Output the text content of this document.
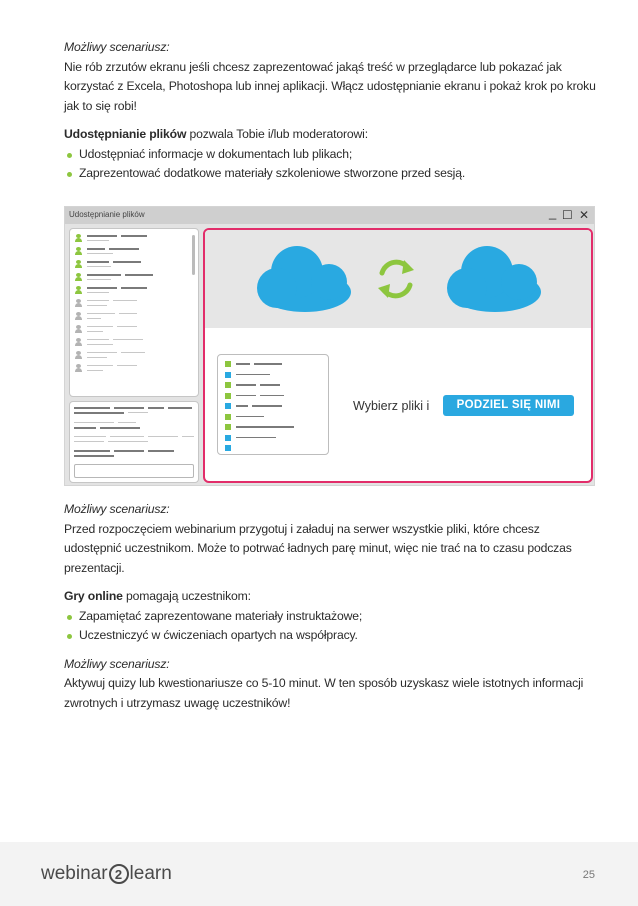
Możliwy scenariusz:
Nie rób zrzutów ekranu jeśli chcesz zaprezentować jakąś treść w przeglądarce lub pokazać jak korzystać z Excela, Photoshopa lub innej aplikacji. Włącz udostępnianie ekranu i pokaż krok po kroku jak to się robi!
Udostępnianie plików pozwala Tobie i/lub moderatorowi:
Udostępniać informacje w dokumentach lub plikach;
Zaprezentować dodatkowe materiały szkoleniowe stworzone przed sesją.
Udostępnianie plików	_ ☐ ✕
Wybierz pliki i	PODZIEL SIĘ NIMI
Możliwy scenariusz:
Przed rozpoczęciem webinarium przygotuj i załaduj na serwer wszystkie pliki, które chcesz udostępnić uczestnikom. Może to potrwać ładnych parę minut, więc nie trać na to czasu podczas prezentacji.
Gry online pomagają uczestnikom:
Zapamiętać zaprezentowane materiały instruktażowe;
Uczestniczyć w ćwiczeniach opartych na współpracy.
Możliwy scenariusz:
Aktywuj quizy lub kwestionariusze co 5-10 minut. W ten sposób uzyskasz wiele istotnych informacji zwrotnych i utrzymasz uwagę uczestników!
webinar 2 learn	25
